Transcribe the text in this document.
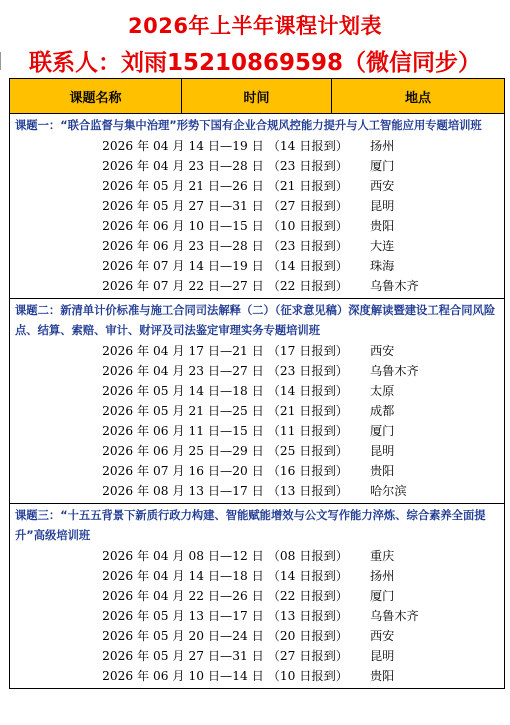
2026年上半年课程计划表
联系人：刘雨15210869598（微信同步）
课题名称	时间	地点

课题一：“联合监督与集中治理”形势下国有企业合规风控能力提升与人工智能应用专题培训班
2026 年 04 月 14 日—19 日 （14 日报到）	扬州
2026 年 04 月 23 日—28 日 （23 日报到）	厦门
2026 年 05 月 21 日—26 日 （21 日报到）	西安
2026 年 05 月 27 日—31 日 （27 日报到）	昆明
2026 年 06 月 10 日—15 日 （10 日报到）	贵阳
2026 年 06 月 23 日—28 日 （23 日报到）	大连
2026 年 07 月 14 日—19 日 （14 日报到）	珠海
2026 年 07 月 22 日—27 日 （22 日报到）	乌鲁木齐

课题二：新清单计价标准与施工合同司法解释（二）（征求意见稿）深度解读暨建设工程合同风险点、结算、索赔、审计、财评及司法鉴定审理实务专题培训班
2026 年 04 月 17 日—21 日 （17 日报到）	西安
2026 年 04 月 23 日—27 日 （23 日报到）	乌鲁木齐
2026 年 05 月 14 日—18 日 （14 日报到）	太原
2026 年 05 月 21 日—25 日 （21 日报到）	成都
2026 年 06 月 11 日—15 日 （11 日报到）	厦门
2026 年 06 月 25 日—29 日 （25 日报到）	昆明
2026 年 07 月 16 日—20 日 （16 日报到）	贵阳
2026 年 08 月 13 日—17 日 （13 日报到）	哈尔滨

课题三：“十五五背景下新质行政力构建、智能赋能增效与公文写作能力淬炼、综合素养全面提升”高级培训班
2026 年 04 月 08 日—12 日 （08 日报到）	重庆
2026 年 04 月 14 日—18 日 （14 日报到）	扬州
2026 年 04 月 22 日—26 日 （22 日报到）	厦门
2026 年 05 月 13 日—17 日 （13 日报到）	乌鲁木齐
2026 年 05 月 20 日—24 日 （20 日报到）	西安
2026 年 05 月 27 日—31 日 （27 日报到）	昆明
2026 年 06 月 10 日—14 日 （10 日报到）	贵阳
